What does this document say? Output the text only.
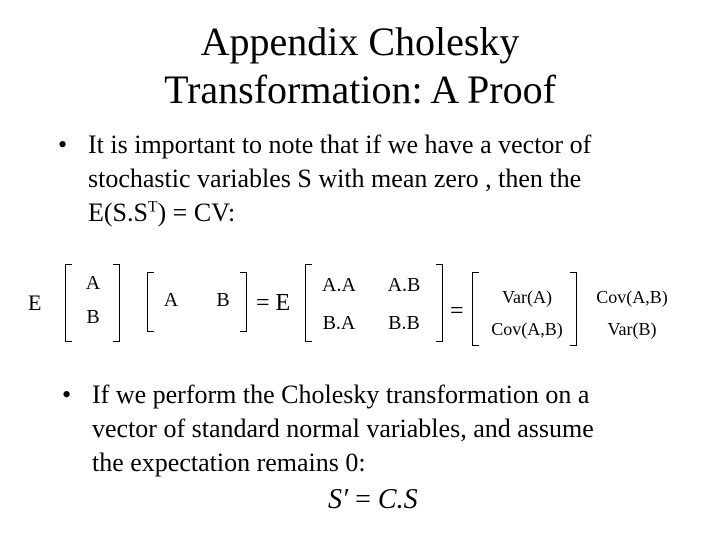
Appendix Cholesky
Transformation: A Proof
• It is important to note that if we have a vector of
stochastic variables S with mean zero , then the
$E(S.S^T)$ = CV:
E
A
B
A	B = E
A.A	A.B
B.A	B.B	=
Var(A)	Cov(A,B)
Cov(A,B)	Var(B)
• If we perform the Cholesky transformation on a
vector of standard normal variables, and assume
the expectation remains 0:
S′ = C.S
